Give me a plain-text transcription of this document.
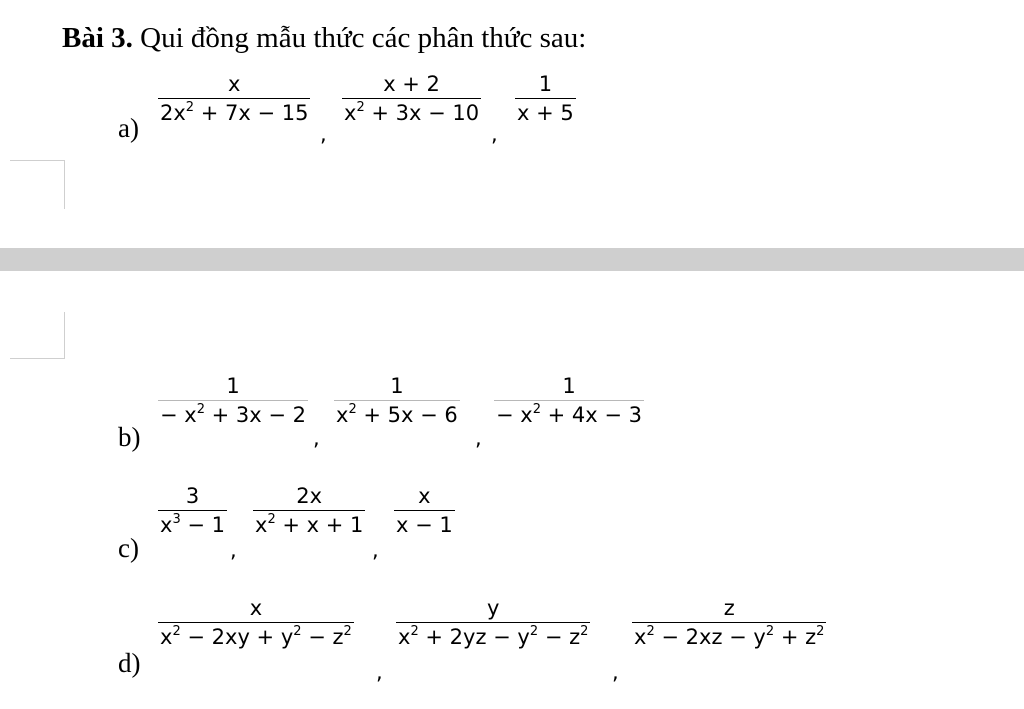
Bài 3. Qui đồng mẫu thức các phân thức sau:
a)
x
$2x^2 + 7x - 15$
,
x + 2
$x^2 + 3x - 10$
,
1
x + 5
b)
1
− $x^2 + 3x - 2$
,
1
$x^2 + 5x - 6$
,
1
− $x^2 + 4x - 3$
c)
3
$x^3 - 1$
,
2x
$x^2 + x + 1$
,
x
x − 1
d)
x
$x^2 - 2xy + y^2 - z^2$
,
y
$x^2 + 2yz - y^2 - z^2$
,
z
$x^2 - 2xz - y^2 + z^2$
